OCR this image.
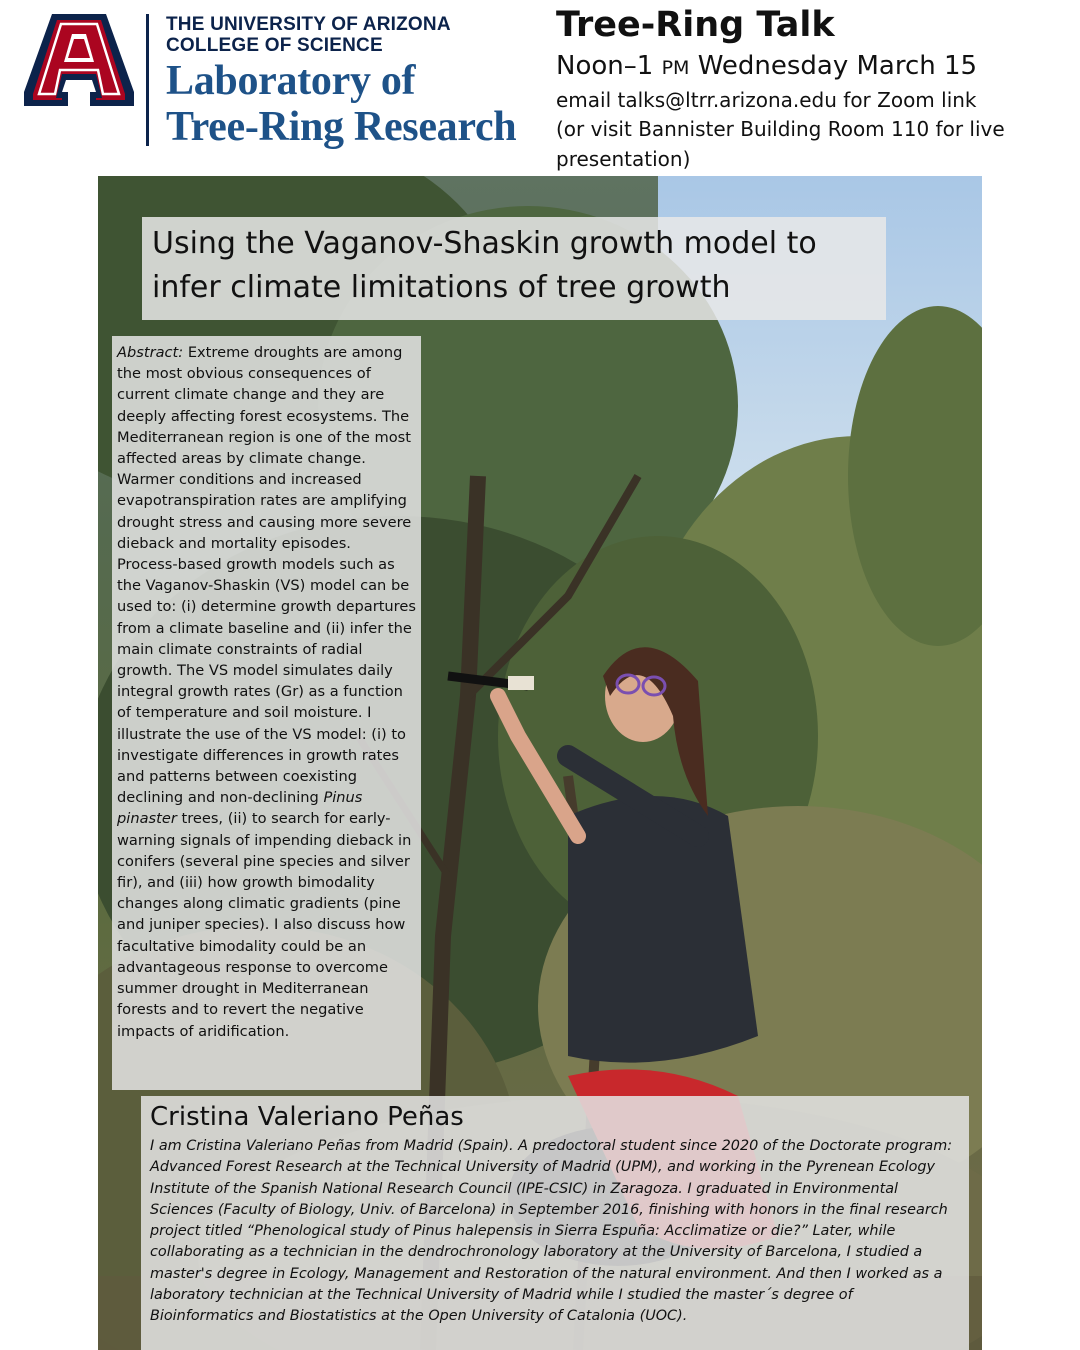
THE UNIVERSITY OF ARIZONA
COLLEGE OF SCIENCE
Laboratory of
Tree-Ring Research
Tree-Ring Talk
Noon–1 PM Wednesday March 15
email talks@ltrr.arizona.edu for Zoom link
(or visit Bannister Building Room 110 for live presentation)
Using the Vaganov-Shaskin growth model to
infer climate limitations of tree growth

Abstract: Extreme droughts are among the most obvious consequences of current climate change and they are deeply affecting forest ecosystems. The Mediterranean region is one of the most affected areas by climate change. Warmer conditions and increased evapotranspiration rates are amplifying drought stress and causing more severe dieback and mortality episodes. Process-based growth models such as the Vaganov-Shaskin (VS) model can be used to: (i) determine growth departures from a climate baseline and (ii) infer the main climate constraints of radial growth. The VS model simulates daily integral growth rates (Gr) as a function of temperature and soil moisture. I illustrate the use of the VS model: (i) to investigate differences in growth rates and patterns between coexisting declining and non-declining Pinus pinaster trees, (ii) to search for early-warning signals of impending dieback in conifers (several pine species and silver fir), and (iii) how growth bimodality changes along climatic gradients (pine and juniper species). I also discuss how facultative bimodality could be an advantageous response to overcome summer drought in Mediterranean forests and to revert the negative impacts of aridification.

Cristina Valeriano Peñas
I am Cristina Valeriano Peñas from Madrid (Spain). A predoctoral student since 2020 of the Doctorate program: Advanced Forest Research at the Technical University of Madrid (UPM), and working in the Pyrenean Ecology Institute of the Spanish National Research Council (IPE-CSIC) in Zaragoza. I graduated in Environmental Sciences (Faculty of Biology, Univ. of Barcelona) in September 2016, finishing with honors in the final research project titled “Phenological study of Pinus halepensis in Sierra Espuña: Acclimatize or die?” Later, while collaborating as a technician in the dendrochronology laboratory at the University of Barcelona, I studied a master's degree in Ecology, Management and Restoration of the natural environment. And then I worked as a laboratory technician at the Technical University of Madrid while I studied the master´s degree of Bioinformatics and Biostatistics at the Open University of Catalonia (UOC).
